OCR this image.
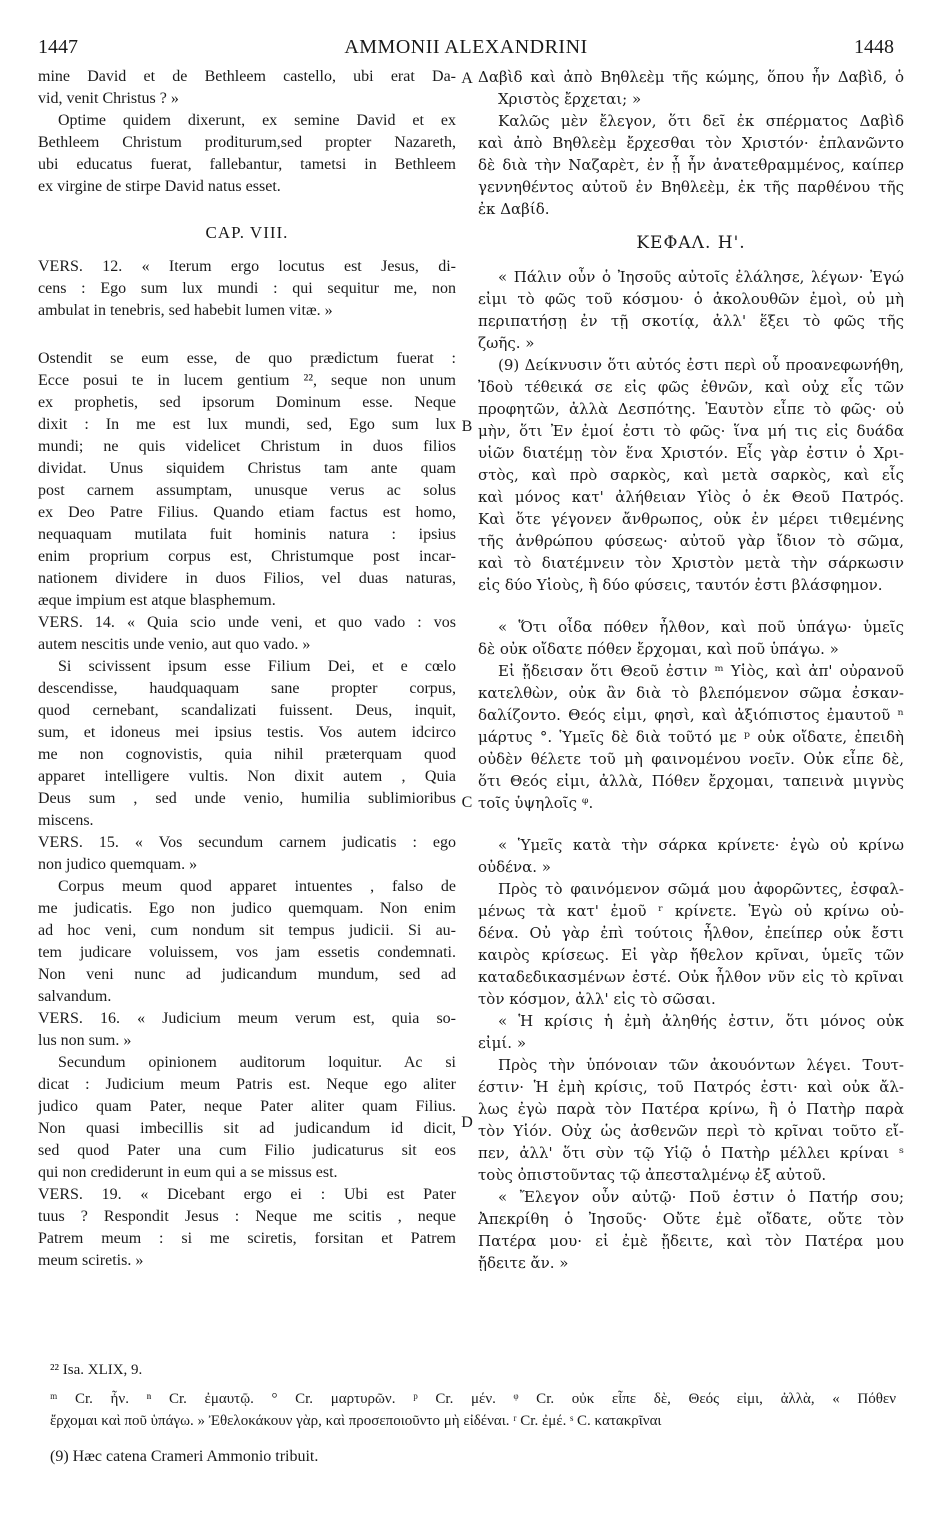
1447	AMMONII ALEXANDRINI	1448
mine David et de Bethleem castello, ubi erat Da-
vid, venit Christus ? »
Optime quidem dixerunt, ex semine David et ex
Bethleem Christum proditurum,sed propter Nazareth,
ubi educatus fuerat, fallebantur, tametsi in Bethleem
ex virgine de stirpe David natus esset.
CAP. VIII.
VERS. 12. « Iterum ergo locutus est Jesus, di-
cens : Ego sum lux mundi : qui sequitur me, non
ambulat in tenebris, sed habebit lumen vitæ. »
Ostendit se eum esse, de quo prædictum fuerat :
Ecce posui te in lucem gentium ²², seque non unum
ex prophetis, sed ipsorum Dominum esse. Neque
dixit : In me est lux mundi, sed, Ego sum lux
mundi; ne quis videlicet Christum in duos filios
dividat. Unus siquidem Christus tam ante quam
post carnem assumptam, unusque verus ac solus
ex Deo Patre Filius. Quando etiam factus est homo,
nequaquam mutilata fuit hominis natura : ipsius
enim proprium corpus est, Christumque post incar-
nationem dividere in duos Filios, vel duas naturas,
æque impium est atque blasphemum.
VERS. 14. « Quia scio unde veni, et quo vado : vos
autem nescitis unde venio, aut quo vado. »
Si scivissent ipsum esse Filium Dei, et e cœlo
descendisse, haudquaquam sane propter corpus,
quod cernebant, scandalizati fuissent. Deus, inquit,
sum, et idoneus mei ipsius testis. Vos autem idcirco
me non cognovistis, quia nihil præterquam quod
apparet intelligere vultis. Non dixit autem , Quia
Deus sum , sed unde venio, humilia sublimioribus
miscens.
VERS. 15. « Vos secundum carnem judicatis : ego
non judico quemquam. »
Corpus meum quod apparet intuentes , falso de
me judicatis. Ego non judico quemquam. Non enim
ad hoc veni, cum nondum sit tempus judicii. Si au-
tem judicare voluissem, vos jam essetis condemnati.
Non veni nunc ad judicandum mundum, sed ad
salvandum.
VERS. 16. « Judicium meum verum est, quia so-
lus non sum. »
Secundum opinionem auditorum loquitur. Ac si
dicat : Judicium meum Patris est. Neque ego aliter
judico quam Pater, neque Pater aliter quam Filius.
Non quasi imbecillis sit ad judicandum id dicit,
sed quod Pater una cum Filio judicaturus sit eos
qui non crediderunt in eum qui a se missus est.
VERS. 19. « Dicebant ergo ei : Ubi est Pater
tuus ? Respondit Jesus : Neque me scitis , neque
Patrem meum : si me sciretis, forsitan et Patrem
meum sciretis. »
Δαβὶδ καὶ ἀπὸ Βηθλεὲμ τῆς κώμης, ὅπου ἦν Δαβὶδ, ὁ
Χριστὸς ἔρχεται; »
Καλῶς μὲν ἔλεγον, ὅτι δεῖ ἐκ σπέρματος Δαβὶδ
καὶ ἀπὸ Βηθλεὲμ ἔρχεσθαι τὸν Χριστόν· ἐπλανῶντο
δὲ διὰ τὴν Ναζαρὲτ, ἐν ᾗ ἦν ἀνατεθραμμένος, καίπερ
γεννηθέντος αὐτοῦ ἐν Βηθλεὲμ, ἐκ τῆς παρθένου τῆς
ἐκ Δαβίδ.
ΚΕΦΑΛ. Η'.
« Πάλιν οὖν ὁ Ἰησοῦς αὐτοῖς ἐλάλησε, λέγων· Ἐγώ
εἰμι τὸ φῶς τοῦ κόσμου· ὁ ἀκολουθῶν ἐμοὶ, οὐ μὴ
περιπατήσῃ ἐν τῇ σκοτίᾳ, ἀλλ' ἕξει τὸ φῶς τῆς
ζωῆς. »
(9) Δείκνυσιν ὅτι αὐτός ἐστι περὶ οὗ προανεφωνήθη,
Ἰδοὺ τέθεικά σε εἰς φῶς ἐθνῶν, καὶ οὐχ εἷς τῶν
προφητῶν, ἀλλὰ Δεσπότης. Ἑαυτὸν εἶπε τὸ φῶς· οὐ
μὴν, ὅτι Ἐν ἐμοί ἐστι τὸ φῶς· ἵνα μή τις εἰς δυάδα
υἱῶν διατέμῃ τὸν ἕνα Χριστόν. Εἷς γὰρ ἐστιν ὁ Χρι-
στὸς, καὶ πρὸ σαρκὸς, καὶ μετὰ σαρκὸς, καὶ εἷς
καὶ μόνος κατ' ἀλήθειαν Υἱὸς ὁ ἐκ Θεοῦ Πατρός.
Καὶ ὅτε γέγονεν ἄνθρωπος, οὐκ ἐν μέρει τιθεμένης
τῆς ἀνθρώπου φύσεως· αὐτοῦ γὰρ ἴδιον τὸ σῶμα,
καὶ τὸ διατέμνειν τὸν Χριστὸν μετὰ τὴν σάρκωσιν
εἰς δύο Υἱοὺς, ἢ δύο φύσεις, ταυτόν ἐστι βλάσφημον.
« Ὅτι οἶδα πόθεν ἦλθον, καὶ ποῦ ὑπάγω· ὑμεῖς
δὲ οὐκ οἴδατε πόθεν ἔρχομαι, καὶ ποῦ ὑπάγω. »
Εἰ ᾔδεισαν ὅτι Θεοῦ ἐστιν ᵐ Υἱὸς, καὶ ἀπ' οὐρανοῦ
κατελθὼν, οὐκ ἂν διὰ τὸ βλεπόμενον σῶμα ἐσκαν-
δαλίζοντο. Θεός εἰμι, φησὶ, καὶ ἀξιόπιστος ἐμαυτοῦ ⁿ
μάρτυς °. Ὑμεῖς δὲ διὰ τοῦτό με ᵖ οὐκ οἴδατε, ἐπειδὴ
οὐδὲν θέλετε τοῦ μὴ φαινομένου νοεῖν. Οὐκ εἶπε δὲ,
ὅτι Θεός εἰμι, ἀλλὰ, Πόθεν ἔρχομαι, ταπεινὰ μιγνὺς
τοῖς ὑψηλοῖς ᵠ.
« Ὑμεῖς κατὰ τὴν σάρκα κρίνετε· ἐγὼ οὐ κρίνω
οὐδένα. »
Πρὸς τὸ φαινόμενον σῶμά μου ἀφορῶντες, ἐσφαλ-
μένως τὰ κατ' ἐμοῦ ʳ κρίνετε. Ἐγὼ οὐ κρίνω οὐ-
δένα. Οὐ γὰρ ἐπὶ τούτοις ἦλθον, ἐπείπερ οὐκ ἔστι
καιρὸς κρίσεως. Εἰ γὰρ ἤθελον κρῖναι, ὑμεῖς τῶν
καταδεδικασμένων ἐστέ. Οὐκ ἦλθον νῦν εἰς τὸ κρῖναι
τὸν κόσμον, ἀλλ' εἰς τὸ σῶσαι.
« Ἡ κρίσις ἡ ἐμὴ ἀληθής ἐστιν, ὅτι μόνος οὐκ
εἰμί. »
Πρὸς τὴν ὑπόνοιαν τῶν ἀκουόντων λέγει. Τουτ-
έστιν· Ἡ ἐμὴ κρίσις, τοῦ Πατρός ἐστι· καὶ οὐκ ἄλ-
λως ἐγὼ παρὰ τὸν Πατέρα κρίνω, ἢ ὁ Πατὴρ παρὰ
τὸν Υἱόν. Οὐχ ὡς ἀσθενῶν περὶ τὸ κρῖναι τοῦτο εἴ-
πεν, ἀλλ' ὅτι σὺν τῷ Υἱῷ ὁ Πατὴρ μέλλει κρίναι ˢ
τοὺς ὀπιστοῦντας τῷ ἀπεσταλμένῳ ἐξ αὐτοῦ.
« Ἔλεγον οὖν αὐτῷ· Ποῦ ἐστιν ὁ Πατήρ σου;
Ἀπεκρίθη ὁ Ἰησοῦς· Οὔτε ἐμὲ οἴδατε, οὔτε τὸν
Πατέρα μου· εἰ ἐμὲ ᾔδειτε, καὶ τὸν Πατέρα μου
ᾔδειτε ἄν. »
A
B
C
D
²² Isa. XLIX, 9.
ᵐ Cr. ἦν. ⁿ Cr. ἐμαυτῷ. ° Cr. μαρτυρῶν. ᵖ Cr. μέν. ᵠ Cr. οὐκ εἶπε δὲ, Θεός εἰμι, ἀλλὰ, « Πόθεν
ἔρχομαι καὶ ποῦ ὑπάγω. » Ἐθελοκάκουν γὰρ, καὶ προσεποιοῦντο μὴ εἰδέναι. ʳ Cr. ἐμέ. ˢ C. κατακρῖναι
(9) Hæc catena Crameri Ammonio tribuit.
